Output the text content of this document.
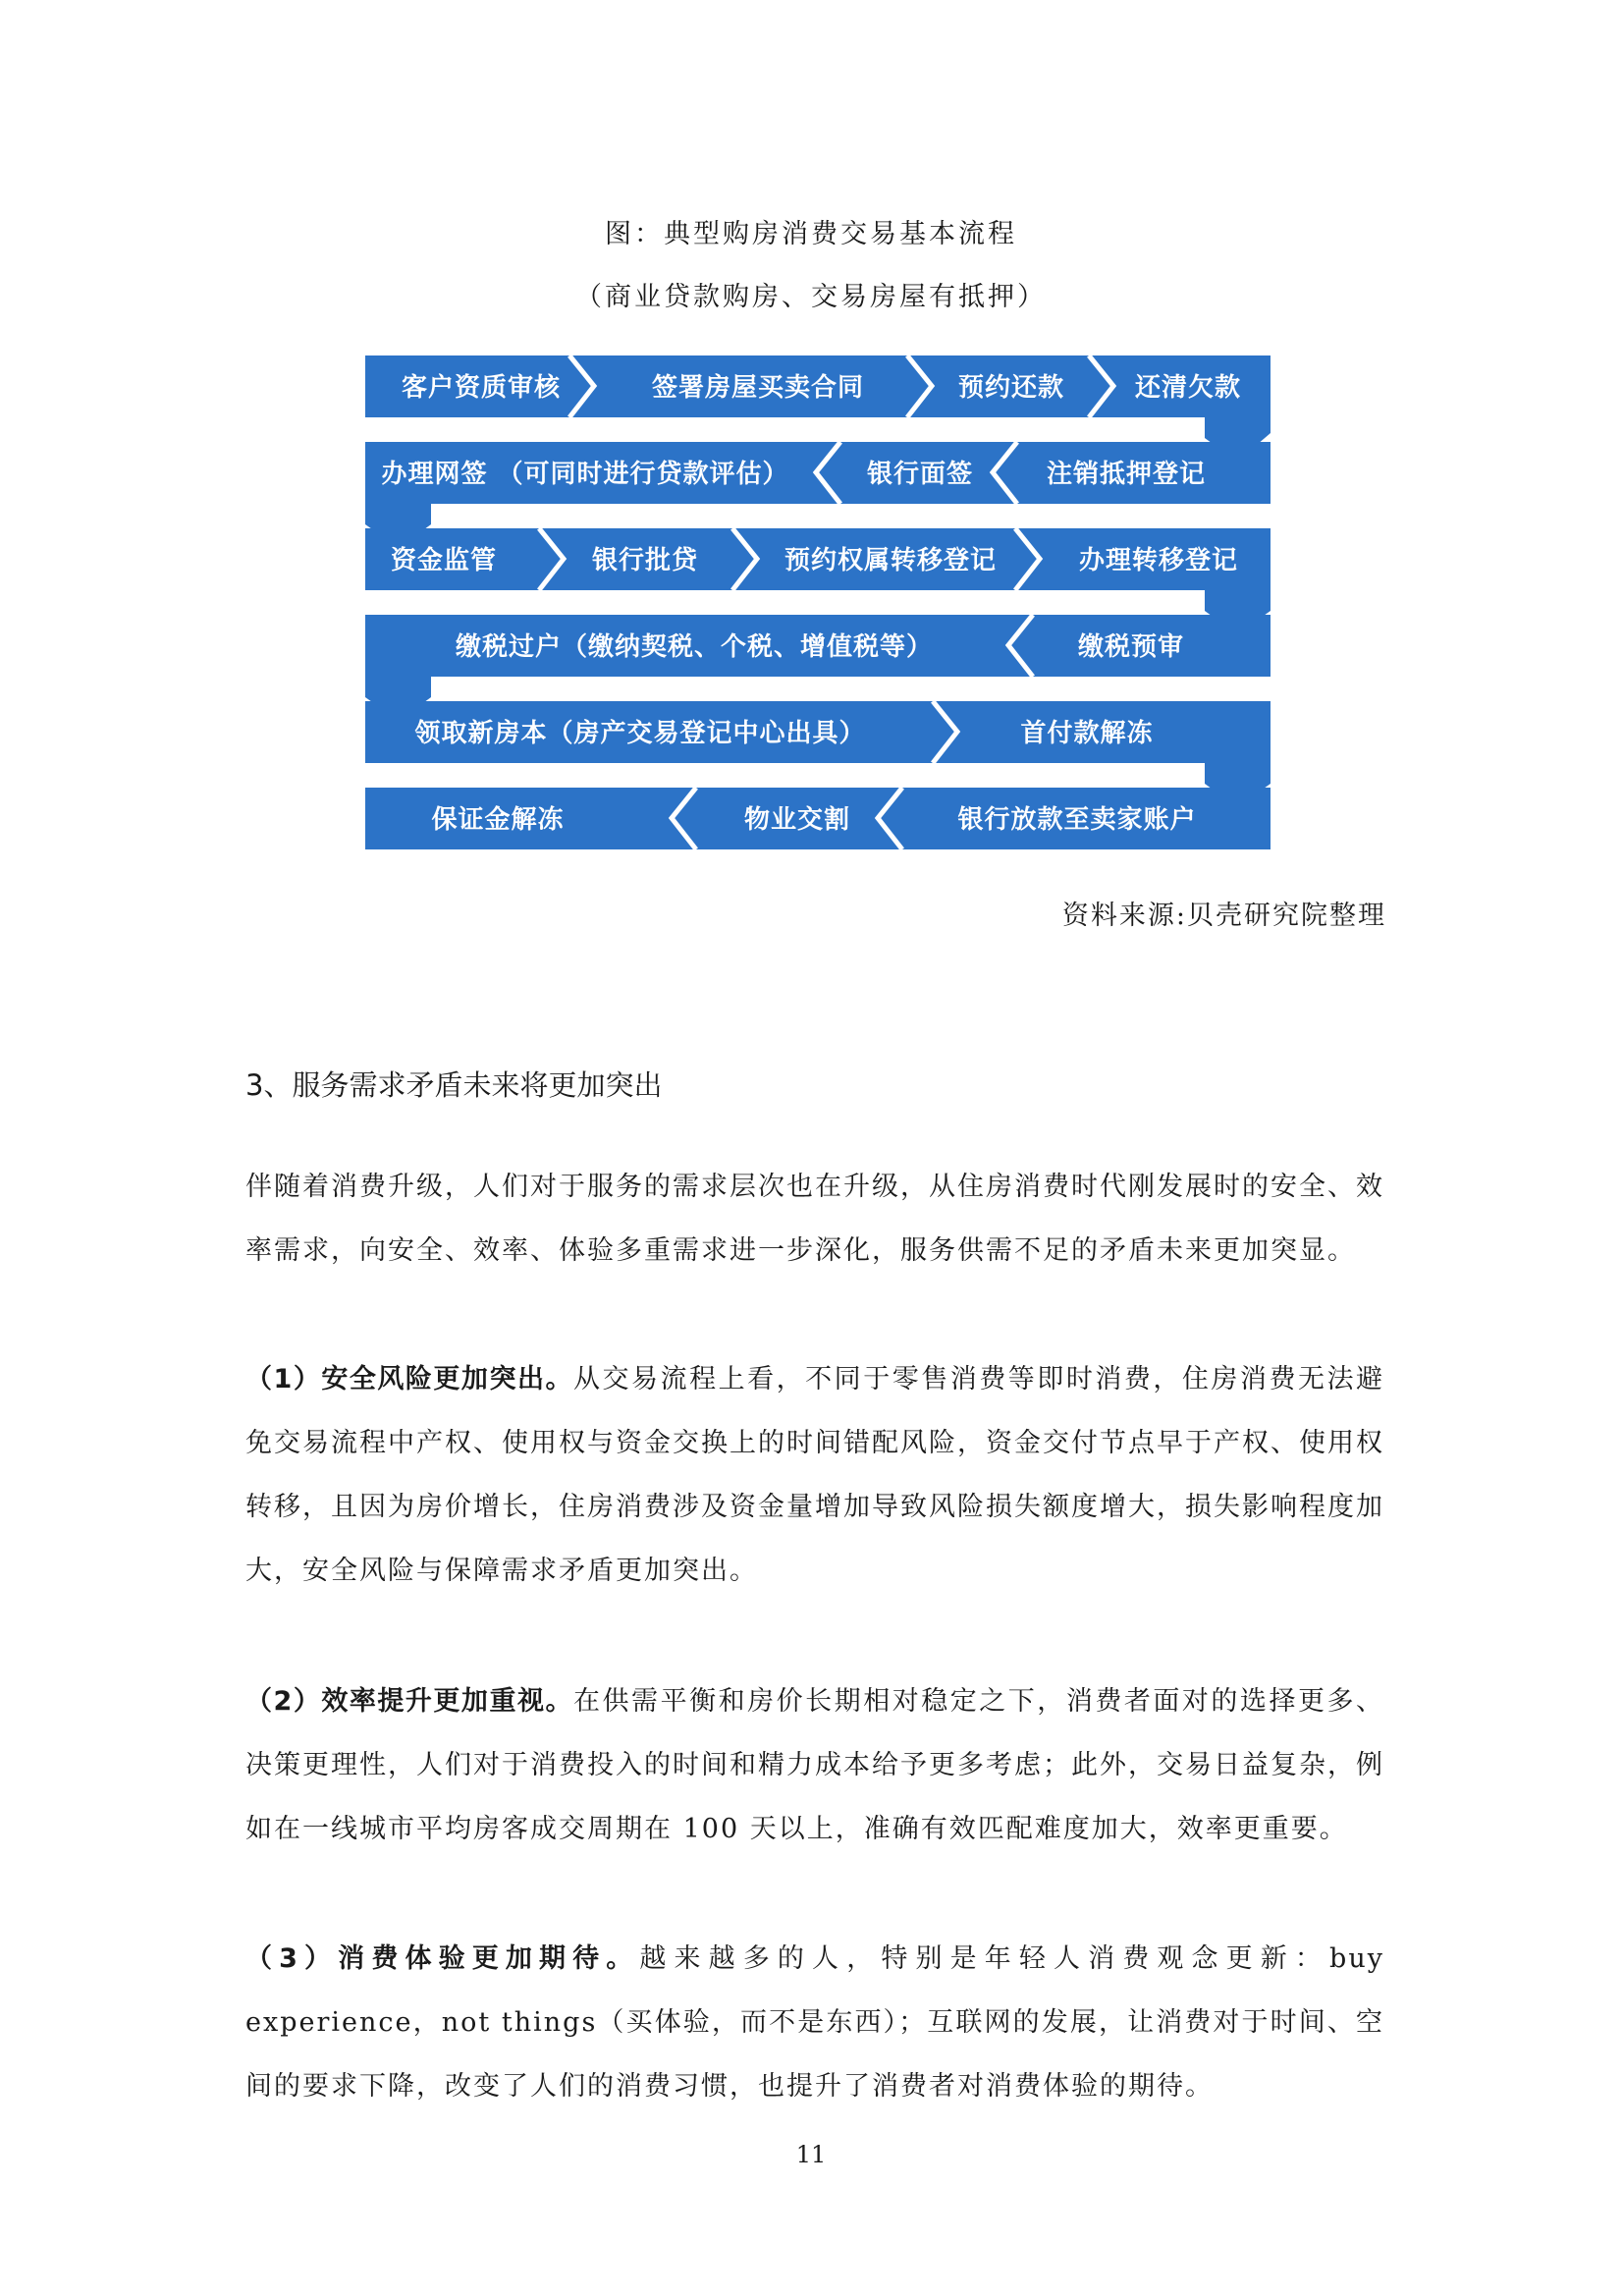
图：典型购房消费交易基本流程
（商业贷款购房、交易房屋有抵押）
客户资质审核	签署房屋买卖合同	预约还款	还清欠款
办理网签 （可同时进行贷款评估）	银行面签	注销抵押登记
资金监管	银行批贷	预约权属转移登记	办理转移登记
缴税过户（缴纳契税、个税、增值税等）	缴税预审
领取新房本（房产交易登记中心出具）	首付款解冻
保证金解冻	物业交割	银行放款至卖家账户
资料来源:贝壳研究院整理
3、服务需求矛盾未来将更加突出

伴随着消费升级，人们对于服务的需求层次也在升级，从住房消费时代刚发展时的安全、效率需求，向安全、效率、体验多重需求进一步深化，服务供需不足的矛盾未来更加突显。

（1）安全风险更加突出。从交易流程上看，不同于零售消费等即时消费，住房消费无法避免交易流程中产权、使用权与资金交换上的时间错配风险，资金交付节点早于产权、使用权转移，且因为房价增长，住房消费涉及资金量增加导致风险损失额度增大，损失影响程度加大，安全风险与保障需求矛盾更加突出。

（2）效率提升更加重视。在供需平衡和房价长期相对稳定之下，消费者面对的选择更多、决策更理性，人们对于消费投入的时间和精力成本给予更多考虑；此外，交易日益复杂，例如在一线城市平均房客成交周期在 100 天以上，准确有效匹配难度加大，效率更重要。

（3）消费体验更加期待。越来越多的人，特别是年轻人消费观念更新：buy experience，not things（买体验，而不是东西）；互联网的发展，让消费对于时间、空间的要求下降，改变了人们的消费习惯，也提升了消费者对消费体验的期待。

11
